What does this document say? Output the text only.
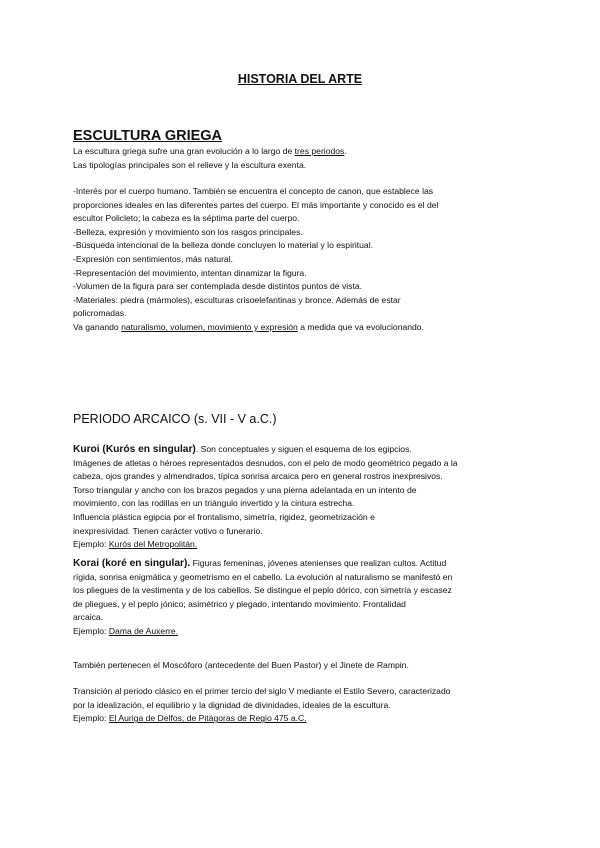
HISTORIA DEL ARTE
ESCULTURA GRIEGA
La escultura griega sufre una gran evolución a lo largo de tres periodos.
Las tipologías principales son el relieve y la escultura exenta.
-Interés por el cuerpo humano. También se encuentra el concepto de canon, que establece las
proporciones ideales en las diferentes partes del cuerpo. El más importante y conocido es el del
escultor Policleto; la cabeza es la séptima parte del cuerpo.
-Belleza, expresión y movimiento son los rasgos principales.
-Búsqueda intencional de la belleza donde concluyen lo material y lo espiritual.
-Expresión con sentimientos, más natural.
-Representación del movimiento, intentan dinamizar la figura.
-Volumen de la figura para ser contemplada desde distintos puntos de vista.
-Materiales: piedra (mármoles), esculturas crisoelefantinas y bronce. Además de estar
policromadas.
Va ganando naturalismo, volumen, movimiento y expresión a medida que va evolucionando.
PERIODO ARCAICO (s. VII - V a.C.)
Kuroi (Kurós en singular). Son conceptuales y siguen el esquema de los egipcios.
Imágenes de atletas o héroes representados desnudos, con el pelo de modo geométrico pegado a la
cabeza, ojos grandes y almendrados, típica sonrisa arcaica pero en general rostros inexpresivos.
Torso triangular y ancho con los brazos pegados y una pierna adelantada en un intento de
movimiento, con las rodillas en un triángulo invertido y la cintura estrecha.
Influencia plástica egipcia por el frontalismo, simetría, rigidez, geometrización e
inexpresividad. Tienen carácter votivo o funerario.
Ejemplo: Kurós del Metropolitán.
Korai (koré en singular). Figuras femeninas, jóvenes atenienses que realizan cultos. Actitud
rígida, sonrisa enigmática y geometrismo en el cabello. La evolución al naturalismo se manifestó en
los pliegues de la vestimenta y de los cabellos. Se distingue el peplo dórico, con simetría y escasez
de pliegues, y el peplo jónico; asimétrico y plegado, intentando movimiento. Frontalidad
arcaica.
Ejemplo: Dama de Auxerre.
También pertenecen el Moscóforo (antecedente del Buen Pastor) y el Jinete de Rampin.
Transición al periodo clásico en el primer tercio del siglo V mediante el Estilo Severo, caracterizado
por la idealización, el equilibrio y la dignidad de divinidades, ideales de la escultura.
Ejemplo: El Auriga de Delfos, de Pitágoras de Regio 475 a.C.
